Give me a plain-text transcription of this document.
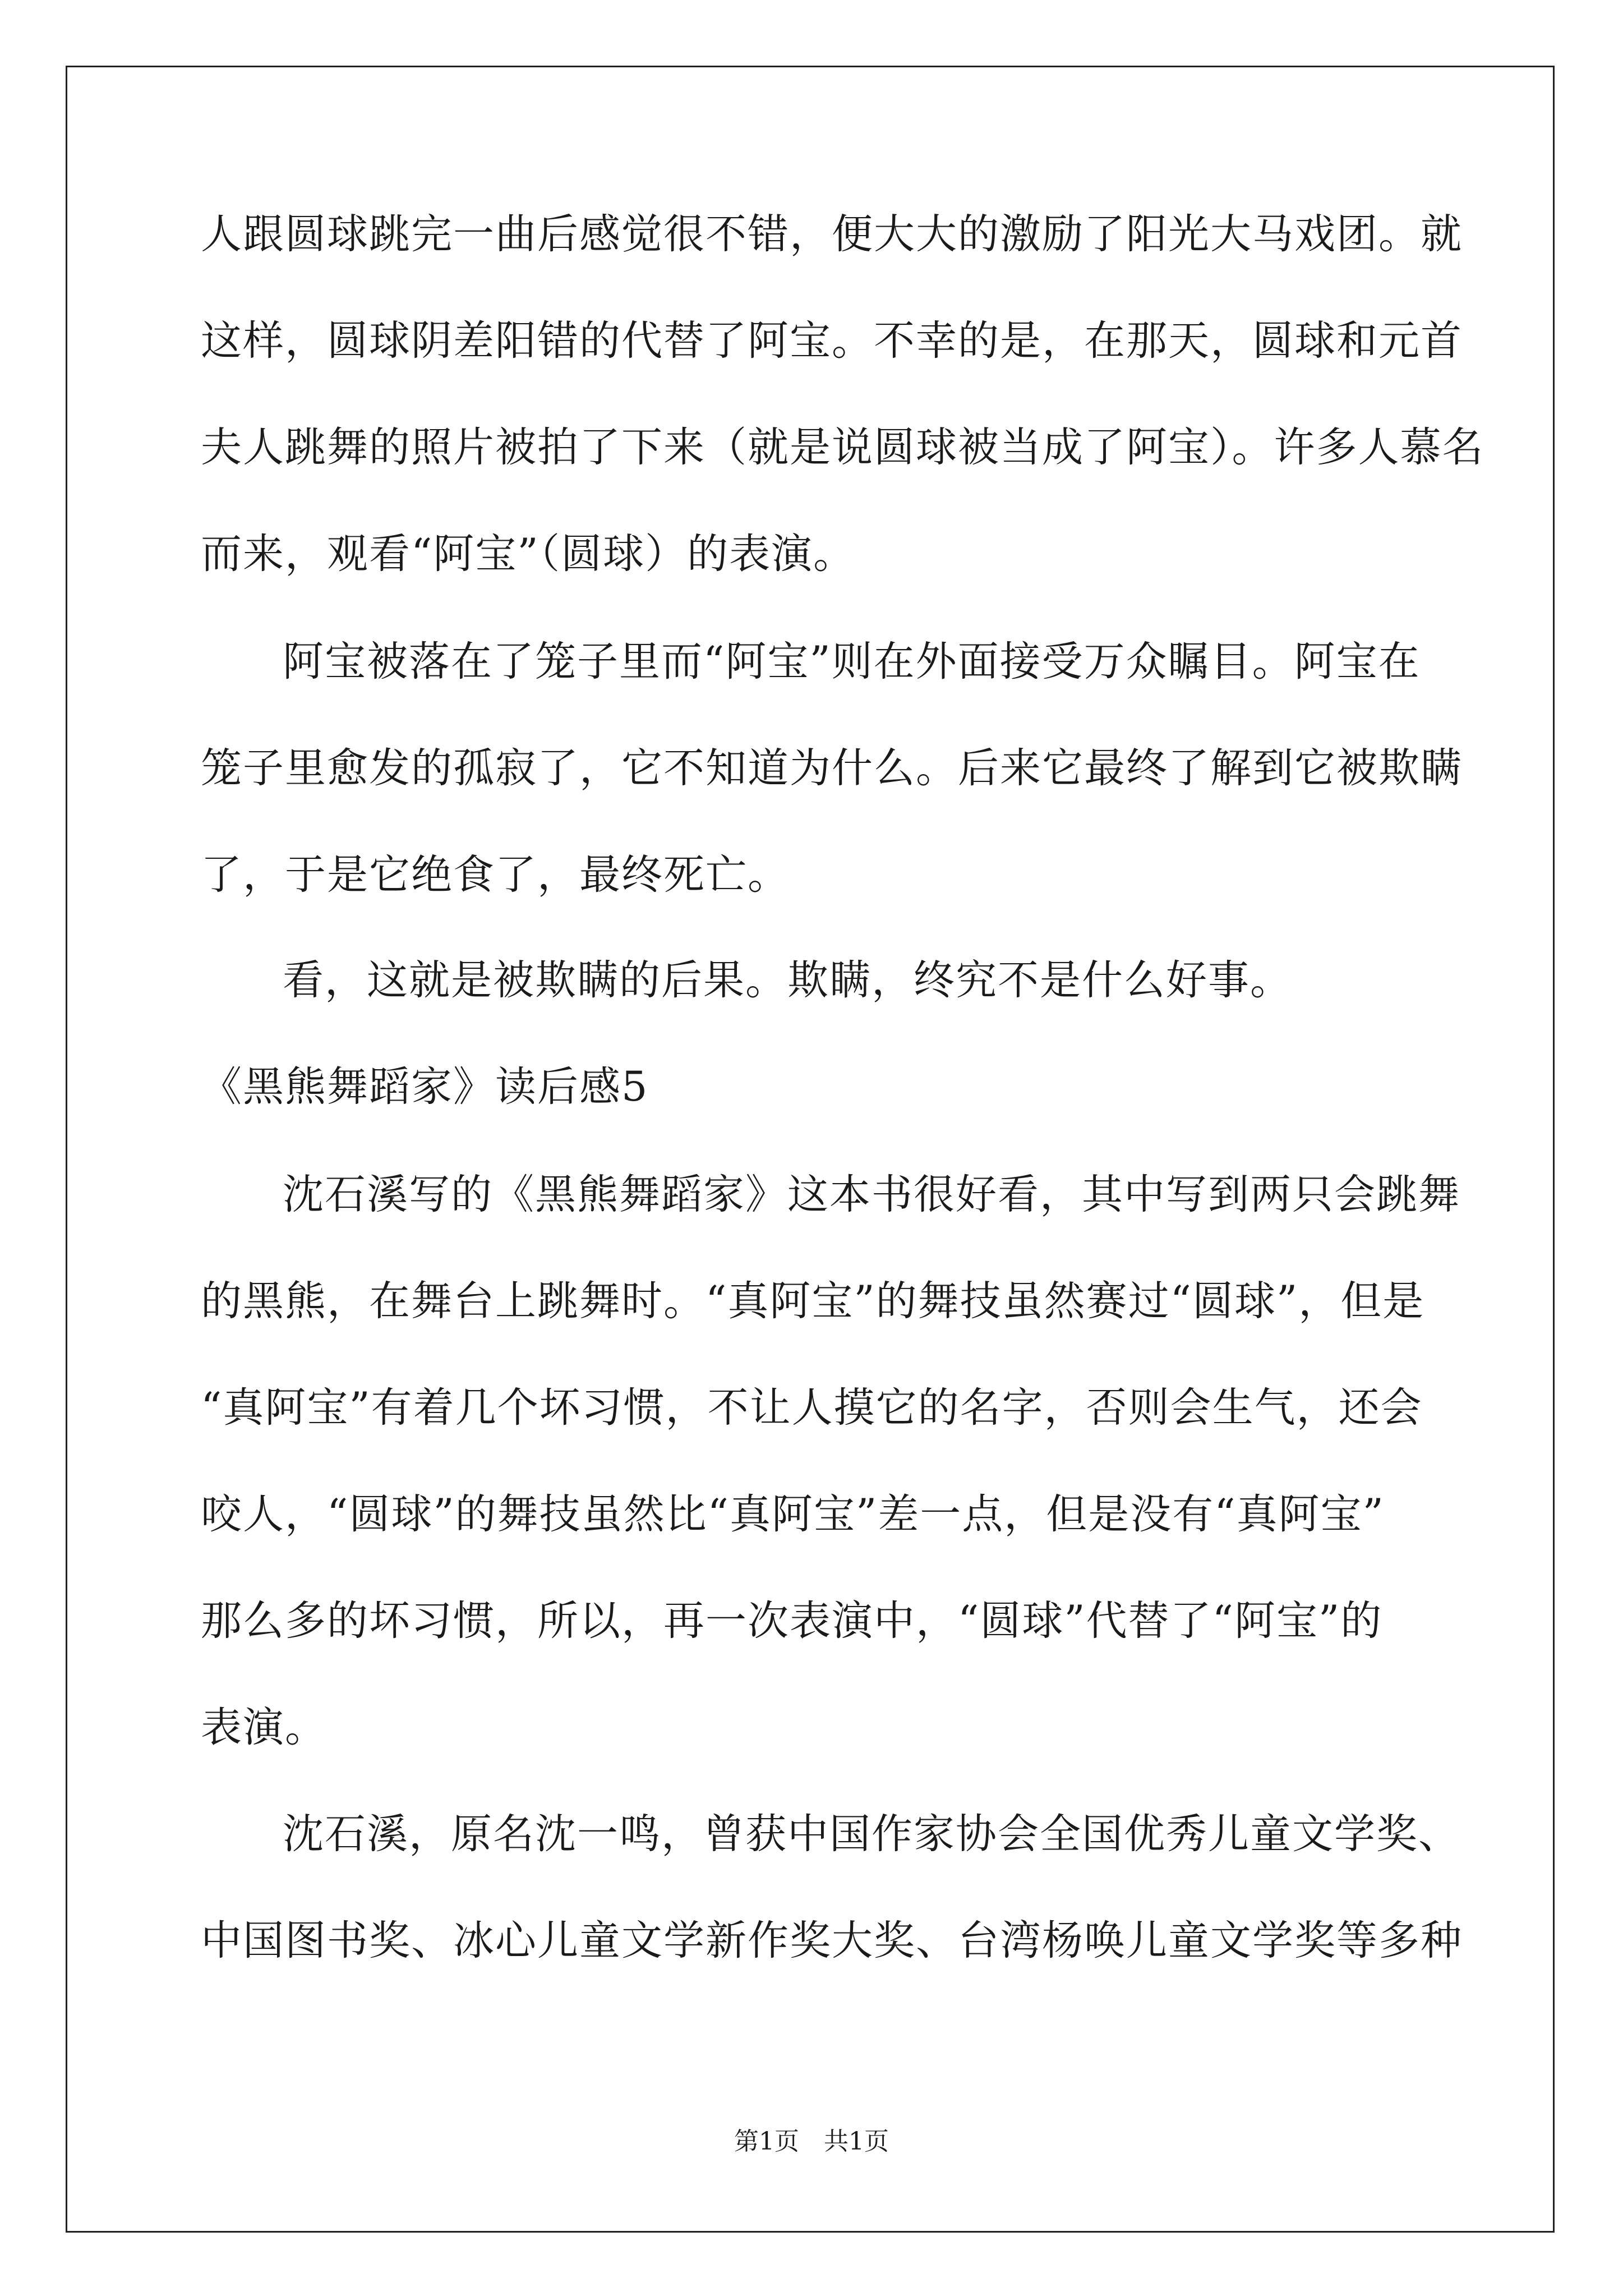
人跟圆球跳完一曲后感觉很不错，便大大的激励了阳光大马戏团。就
这样，圆球阴差阳错的代替了阿宝。不幸的是，在那天，圆球和元首
夫人跳舞的照片被拍了下来（就是说圆球被当成了阿宝）。许多人慕名
而来，观看“阿宝”（圆球）的表演。
阿宝被落在了笼子里而“阿宝”则在外面接受万众瞩目。阿宝在
笼子里愈发的孤寂了，它不知道为什么。后来它最终了解到它被欺瞒
了，于是它绝食了，最终死亡。
看，这就是被欺瞒的后果。欺瞒，终究不是什么好事。
《黑熊舞蹈家》读后感5
沈石溪写的《黑熊舞蹈家》这本书很好看，其中写到两只会跳舞
的黑熊，在舞台上跳舞时。“真阿宝”的舞技虽然赛过“圆球”，但是
“真阿宝”有着几个坏习惯，不让人摸它的名字，否则会生气，还会
咬人，“圆球”的舞技虽然比“真阿宝”差一点，但是没有“真阿宝”
那么多的坏习惯，所以，再一次表演中，“圆球”代替了“阿宝”的
表演。
沈石溪，原名沈一鸣，曾获中国作家协会全国优秀儿童文学奖、
中国图书奖、冰心儿童文学新作奖大奖、台湾杨唤儿童文学奖等多种
第1页　共1页
